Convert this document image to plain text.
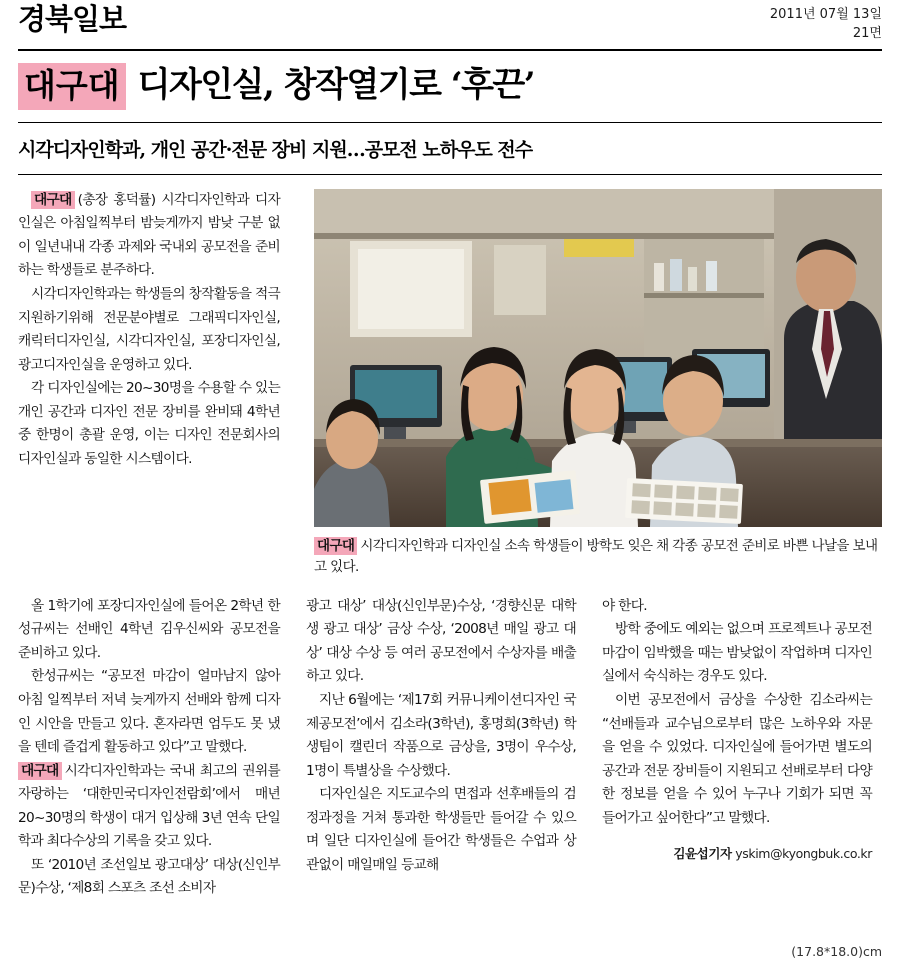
경북일보	2011년 07월 13일
21면
대구대 디자인실, 창작열기로 ‘후끈’
시각디자인학과, 개인 공간·전문 장비 지원…공모전 노하우도 전수

대구대 (총장 홍덕률) 시각디자인학과 디자인실은 아침일찍부터 밤늦게까지 밤낮 구분 없이 일년내내 각종 과제와 국내외 공모전을 준비하는 학생들로 분주하다.

시각디자인학과는 학생들의 창작활동을 적극 지원하기위해 전문분야별로 그래픽디자인실, 캐릭터디자인실, 시각디자인실, 포장디자인실, 광고디자인실을 운영하고 있다.

각 디자인실에는 20~30명을 수용할 수 있는 개인 공간과 디자인 전문 장비를 완비돼 4학년 중 한명이 총괄 운영, 이는 디자인 전문회사의 디자인실과 동일한 시스템이다.

대구대 시각디자인학과 디자인실 소속 학생들이 방학도 잊은 채 각종 공모전 준비로 바쁜 나날을 보내고 있다.

올 1학기에 포장디자인실에 들어온 2학년 한성규씨는 선배인 4학년 김우신씨와 공모전을 준비하고 있다.

한성규씨는 “공모전 마감이 얼마남지 않아 아침 일찍부터 저녁 늦게까지 선배와 함께 디자인 시안을 만들고 있다. 혼자라면 엄두도 못 냈을 텐데 즐겁게 활동하고 있다”고 말했다.

대구대 시각디자인학과는 국내 최고의 권위를 자랑하는 ‘대한민국디자인전람회’에서 매년 20~30명의 학생이 대거 입상해 3년 연속 단일학과 최다수상의 기록을 갖고 있다.

또 ‘2010년 조선일보 광고대상’ 대상(신인부문)수상, ‘제8회 스포츠 조선 소비자

광고 대상’ 대상(신인부문)수상, ‘경향신문 대학생 광고 대상’ 금상 수상, ‘2008년 매일 광고 대상’ 대상 수상 등 여러 공모전에서 수상자를 배출하고 있다.

지난 6월에는 ‘제17회 커뮤니케이션디자인 국제공모전’에서 김소라(3학년), 홍명희(3학년) 학생팀이 캘린더 작품으로 금상을, 3명이 우수상, 1명이 특별상을 수상했다.

디자인실은 지도교수의 면접과 선후배들의 검정과정을 거쳐 통과한 학생들만 들어갈 수 있으며 일단 디자인실에 들어간 학생들은 수업과 상관없이 매일매일 등교해

야 한다.

방학 중에도 예외는 없으며 프로젝트나 공모전 마감이 임박했을 때는 밤낮없이 작업하며 디자인실에서 숙식하는 경우도 있다.

이번 공모전에서 금상을 수상한 김소라씨는 “선배들과 교수님으로부터 많은 노하우와 자문을 얻을 수 있었다. 디자인실에 들어가면 별도의 공간과 전문 장비들이 지원되고 선배로부터 다양한 정보를 얻을 수 있어 누구나 기회가 되면 꼭 들어가고 싶어한다”고 말했다.

김윤섭기자 yskim@kyongbuk.co.kr
(17.8*18.0)cm
